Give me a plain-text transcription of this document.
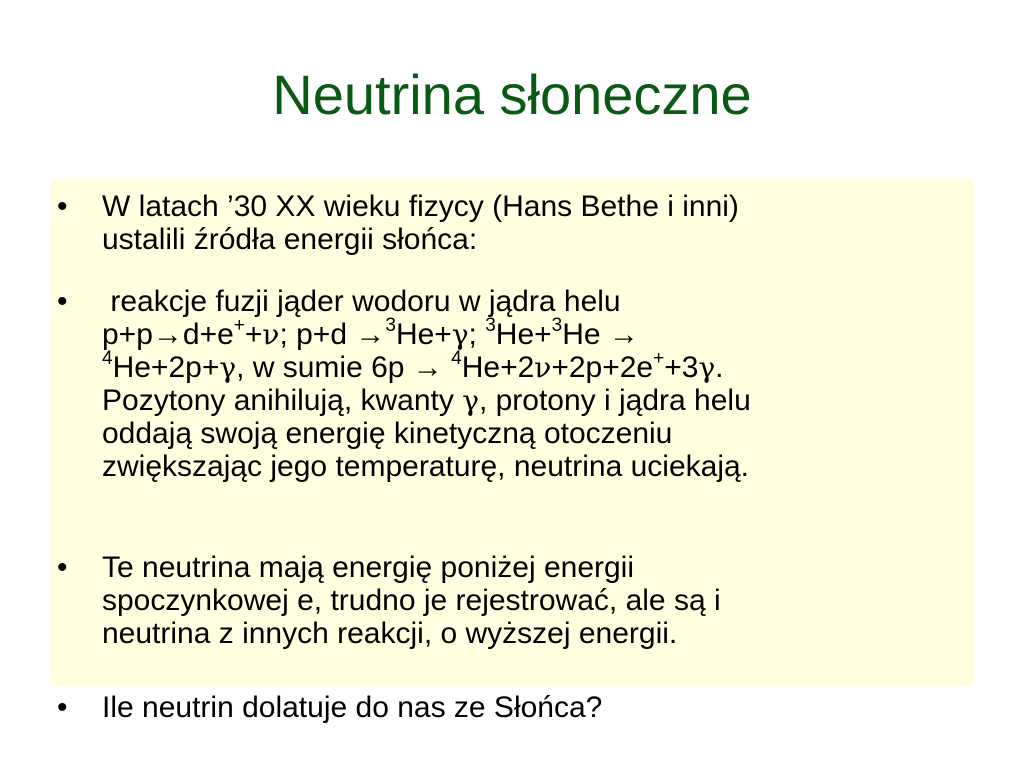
Neutrina słoneczne
• W latach ’30 XX wieku fizycy (Hans Bethe i inni)
ustalili źródła energii słońca:
• reakcje fuzji jąder wodoru w jądra helu
p+p→d+e++ν; p+d →$^3$He+γ; $^3$He+$^3$He →
$^4$He+2p+γ, w sumie 6p → $^4$He+2ν+2p+2e++3γ.
Pozytony anihilują, kwanty γ, protony i jądra helu
oddają swoją energię kinetyczną otoczeniu
zwiększając jego temperaturę, neutrina uciekają.
• Te neutrina mają energię poniżej energii
spoczynkowej e, trudno je rejestrować, ale są i
neutrina z innych reakcji, o wyższej energii.
• Ile neutrin dolatuje do nas ze Słońca?
